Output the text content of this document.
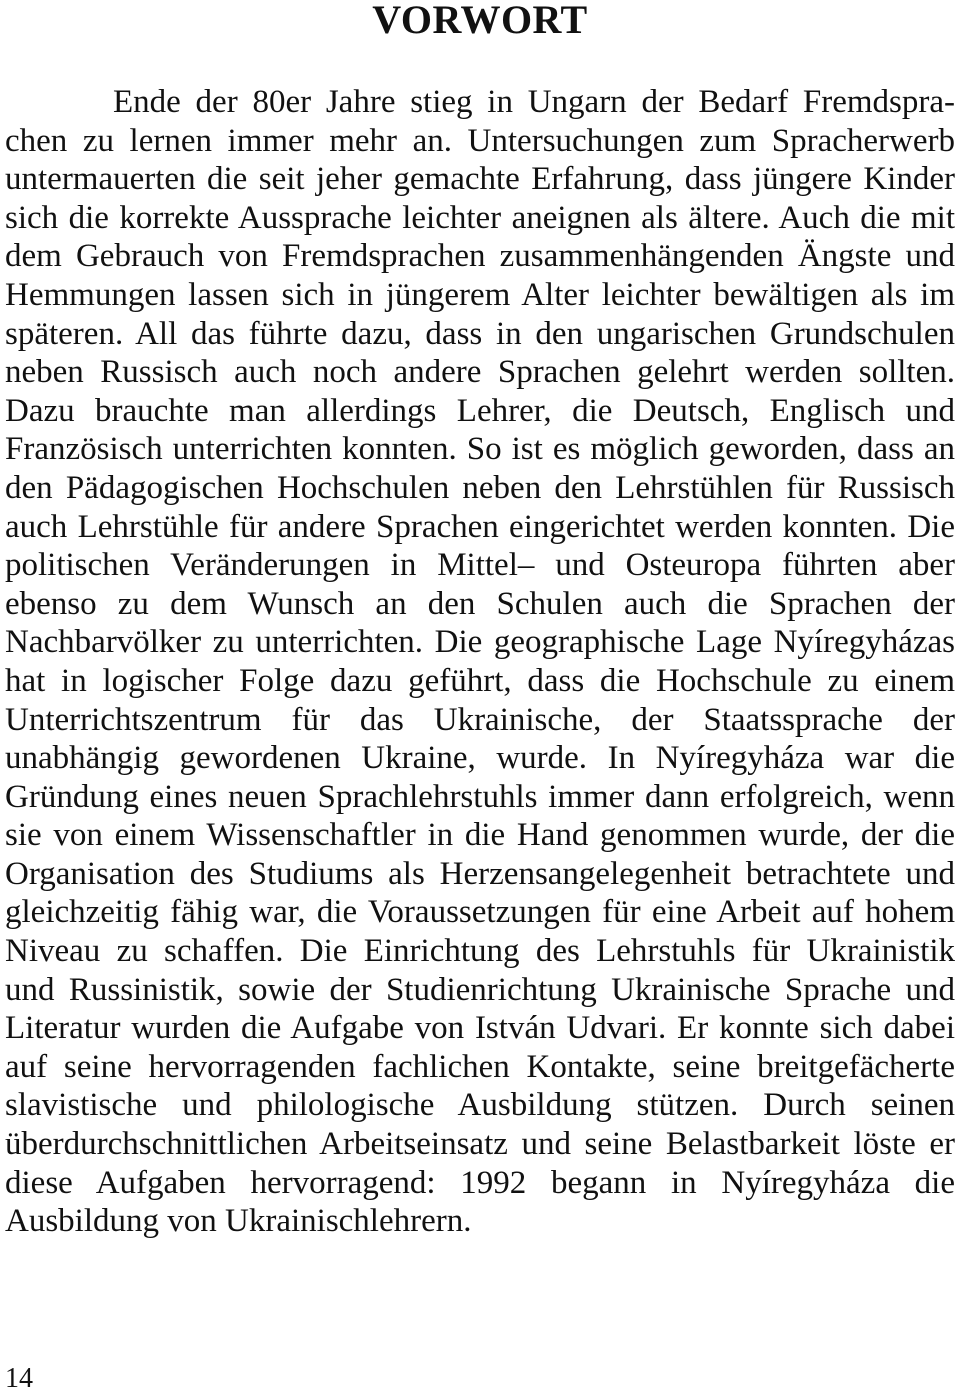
VORWORT
Ende der 80er Jahre stieg in Ungarn der Bedarf Fremdspra-
chen zu lernen immer mehr an. Untersuchungen zum Spracherwerb
untermauerten die seit jeher gemachte Erfahrung, dass jüngere Kinder
sich die korrekte Aussprache leichter aneignen als ältere. Auch die mit
dem Gebrauch von Fremdsprachen zusammenhängenden Ängste und
Hemmungen lassen sich in jüngerem Alter leichter bewältigen als im
späteren. All das führte dazu, dass in den ungarischen Grundschulen
neben Russisch auch noch andere Sprachen gelehrt werden sollten.
Dazu brauchte man allerdings Lehrer, die Deutsch, Englisch und
Französisch unterrichten konnten. So ist es möglich geworden, dass an
den Pädagogischen Hochschulen neben den Lehrstühlen für Russisch
auch Lehrstühle für andere Sprachen eingerichtet werden konnten. Die
politischen Veränderungen in Mittel– und Osteuropa führten aber
ebenso zu dem Wunsch an den Schulen auch die Sprachen der
Nachbarvölker zu unterrichten. Die geographische Lage Nyíregyházas
hat in logischer Folge dazu geführt, dass die Hochschule zu einem
Unterrichtszentrum für das Ukrainische, der Staatssprache der
unabhängig gewordenen Ukraine, wurde. In Nyíregyháza war die
Gründung eines neuen Sprachlehrstuhls immer dann erfolgreich, wenn
sie von einem Wissenschaftler in die Hand genommen wurde, der die
Organisation des Studiums als Herzensangelegenheit betrachtete und
gleichzeitig fähig war, die Voraussetzungen für eine Arbeit auf hohem
Niveau zu schaffen. Die Einrichtung des Lehrstuhls für Ukrainistik
und Russinistik, sowie der Studienrichtung Ukrainische Sprache und
Literatur wurden die Aufgabe von István Udvari. Er konnte sich dabei
auf seine hervorragenden fachlichen Kontakte, seine breitgefächerte
slavistische und philologische Ausbildung stützen. Durch seinen
überdurchschnittlichen Arbeitseinsatz und seine Belastbarkeit löste er
diese Aufgaben hervorragend: 1992 begann in Nyíregyháza die
Ausbildung von Ukrainischlehrern.
14
